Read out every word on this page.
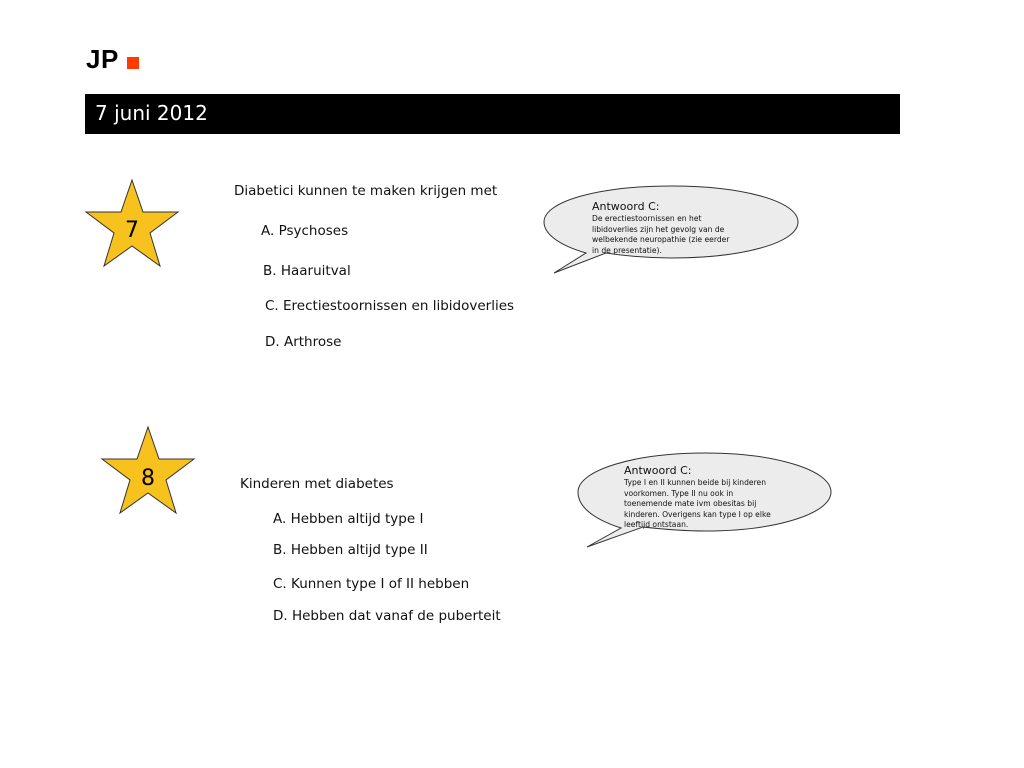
JP
7 juni 2012
7
Diabetici kunnen te maken krijgen met
A. Psychoses
B. Haaruitval
C. Erectiestoornissen en libidoverlies
D. Arthrose
Antwoord C:
De erectiestoornissen en het
libidoverlies zijn het gevolg van de
welbekende neuropathie (zie eerder
in de presentatie).
8	Kinderen met diabetes
A. Hebben altijd type I
B. Hebben altijd type II
C. Kunnen type I of II hebben
D. Hebben dat vanaf de puberteit
Antwoord C:
Type I en II kunnen beide bij kinderen
voorkomen. Type II nu ook in
toenemende mate ivm obesitas bij
kinderen. Overigens kan type I op elke
leeftijd ontstaan.
